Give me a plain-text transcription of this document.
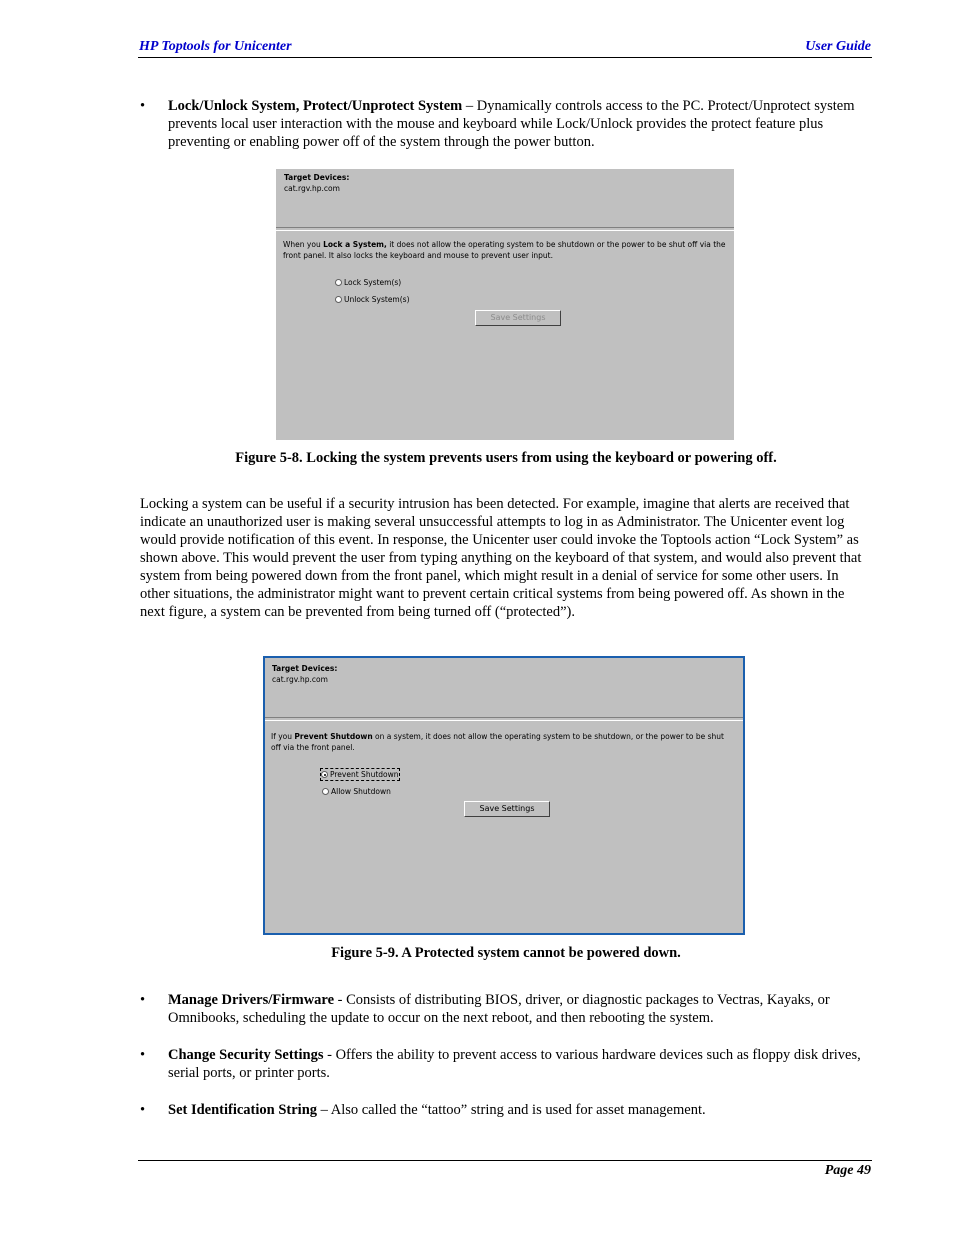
HP Toptools for Unicenter	User Guide
• Lock/Unlock System, Protect/Unprotect System – Dynamically controls access to the PC. Protect/Unprotect system prevents local user interaction with the mouse and keyboard while Lock/Unlock provides the protect feature plus preventing or enabling power off of the system through the power button.
Target Devices:
cat.rgv.hp.com
When you Lock a System, it does not allow the operating system to be shutdown or the power to be shut off via the front panel. It also locks the keyboard and mouse to prevent user input.
Lock System(s)
Unlock System(s)
Save Settings
Figure 5-8. Locking the system prevents users from using the keyboard or powering off.
Locking a system can be useful if a security intrusion has been detected. For example, imagine that alerts are received that indicate an unauthorized user is making several unsuccessful attempts to log in as Administrator. The Unicenter event log would provide notification of this event. In response, the Unicenter user could invoke the Toptools action “Lock System” as shown above. This would prevent the user from typing anything on the keyboard of that system, and would also prevent that system from being powered down from the front panel, which might result in a denial of service for some other users. In other situations, the administrator might want to prevent certain critical systems from being powered off. As shown in the next figure, a system can be prevented from being turned off (“protected”).
Target Devices:
cat.rgv.hp.com
If you Prevent Shutdown on a system, it does not allow the operating system to be shutdown, or the power to be shut off via the front panel.
Prevent Shutdown
Allow Shutdown
Save Settings
Figure 5-9. A Protected system cannot be powered down.
• Manage Drivers/Firmware - Consists of distributing BIOS, driver, or diagnostic packages to Vectras, Kayaks, or Omnibooks, scheduling the update to occur on the next reboot, and then rebooting the system.
• Change Security Settings - Offers the ability to prevent access to various hardware devices such as floppy disk drives, serial ports, or printer ports.
• Set Identification String – Also called the “tattoo” string and is used for asset management.
Page 49
